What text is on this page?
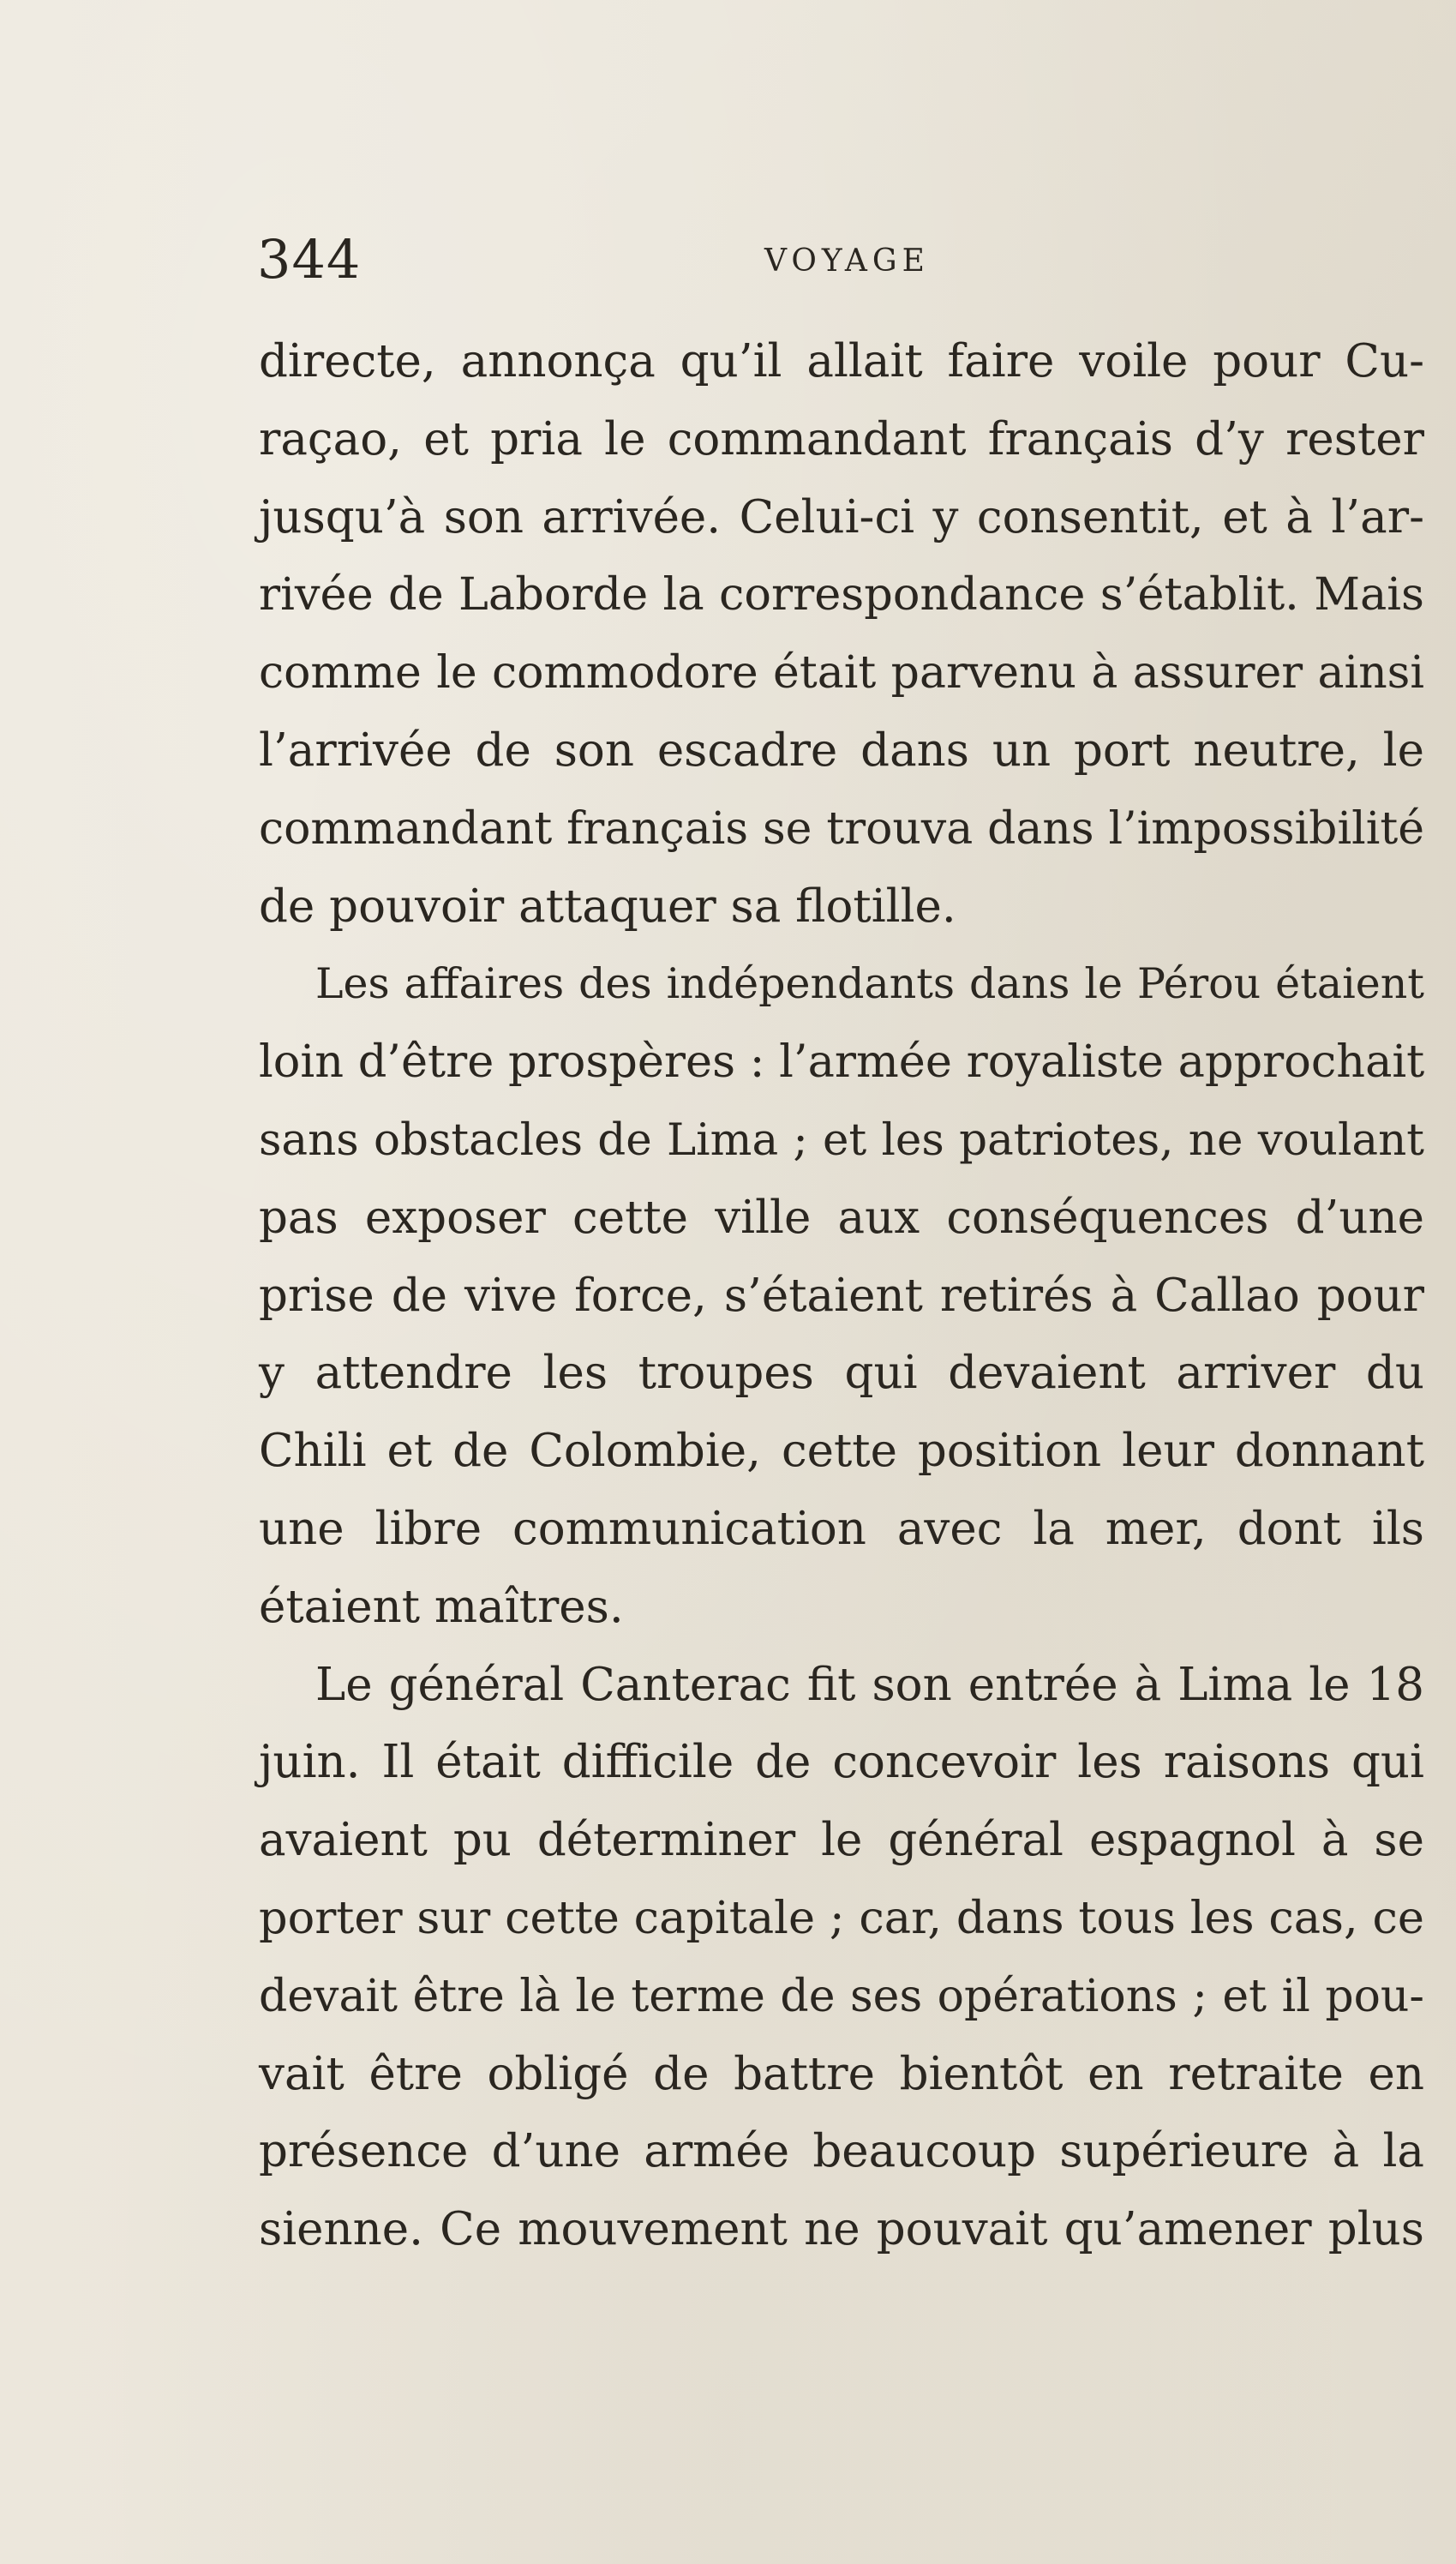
344	VOYAGE
directe, annonça qu’il allait faire voile pour Cu-
raçao, et pria le commandant français d’y rester
jusqu’à son arrivée. Celui-ci y consentit, et à l’ar-
rivée de Laborde la correspondance s’établit. Mais
comme le commodore était parvenu à assurer ainsi
l’arrivée de son escadre dans un port neutre, le
commandant français se trouva dans l’impossibilité
de pouvoir attaquer sa flotille.
Les affaires des indépendants dans le Pérou étaient
loin d’être prospères : l’armée royaliste approchait
sans obstacles de Lima ; et les patriotes, ne voulant
pas exposer cette ville aux conséquences d’une
prise de vive force, s’étaient retirés à Callao pour
y attendre les troupes qui devaient arriver du
Chili et de Colombie, cette position leur donnant
une libre communication avec la mer, dont ils
étaient maîtres.
Le général Canterac fit son entrée à Lima le 18
juin. Il était difficile de concevoir les raisons qui
avaient pu déterminer le général espagnol à se
porter sur cette capitale ; car, dans tous les cas, ce
devait être là le terme de ses opérations ; et il pou-
vait être obligé de battre bientôt en retraite en
présence d’une armée beaucoup supérieure à la
sienne. Ce mouvement ne pouvait qu’amener plus
